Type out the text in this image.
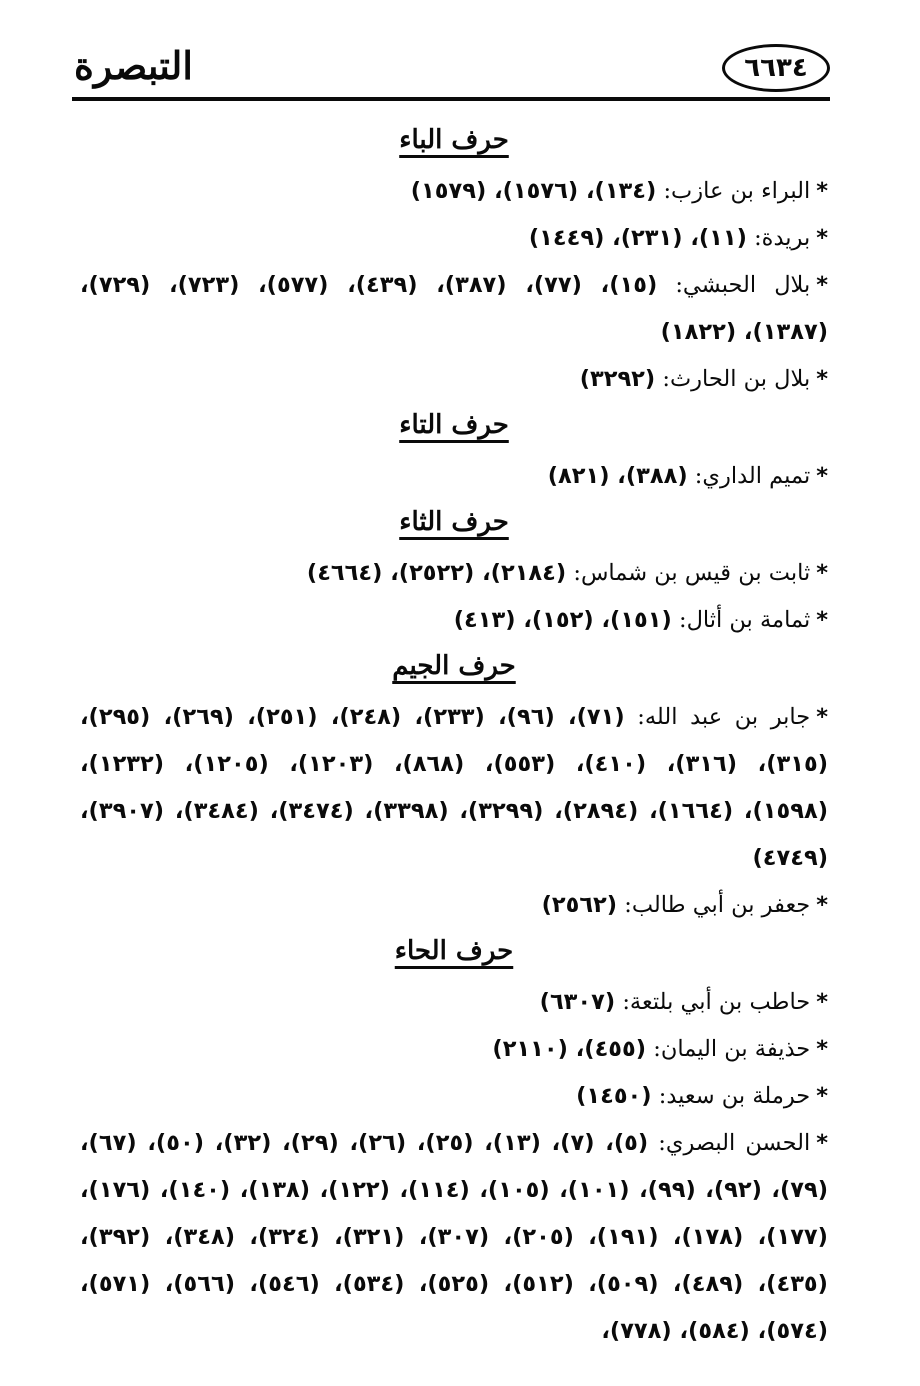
التبصرة	٦٦٣٤
حرف الباء

*البراء بن عازب: (١٣٤)، (١٥٧٦)، (١٥٧٩)

*بريدة: (١١)، (٢٣١)، (١٤٤٩)

*بلال الحبشي: (١٥)، (٧٧)، (٣٨٧)، (٤٣٩)، (٥٧٧)، (٧٢٣)، (٧٢٩)، (١٣٨٧)، (١٨٢٢)

*بلال بن الحارث: (٣٢٩٢)

حرف التاء

*تميم الداري: (٣٨٨)، (٨٢١)

حرف الثاء

*ثابت بن قيس بن شماس: (٢١٨٤)، (٢٥٢٢)، (٤٦٦٤)

*ثمامة بن أثال: (١٥١)، (١٥٢)، (٤١٣)

حرف الجيم

*جابر بن عبد الله: (٧١)، (٩٦)، (٢٣٣)، (٢٤٨)، (٢٥١)، (٢٦٩)، (٢٩٥)، (٣١٥)، (٣١٦)، (٤١٠)، (٥٥٣)، (٨٦٨)، (١٢٠٣)، (١٢٠٥)، (١٢٣٢)، (١٥٩٨)، (١٦٦٤)، (٢٨٩٤)، (٣٢٩٩)، (٣٣٩٨)، (٣٤٧٤)، (٣٤٨٤)، (٣٩٠٧)، (٤٧٤٩)

*جعفر بن أبي طالب: (٢٥٦٢)

حرف الحاء

*حاطب بن أبي بلتعة: (٦٣٠٧)

*حذيفة بن اليمان: (٤٥٥)، (٢١١٠)

*حرملة بن سعيد: (١٤٥٠)

*الحسن البصري: (٥)، (٧)، (١٣)، (٢٥)، (٢٦)، (٢٩)، (٣٢)، (٥٠)، (٦٧)، (٧٩)، (٩٢)، (٩٩)، (١٠١)، (١٠٥)، (١١٤)، (١٢٢)، (١٣٨)، (١٤٠)، (١٧٦)، (١٧٧)، (١٧٨)، (١٩١)، (٢٠٥)، (٣٠٧)، (٣٢١)، (٣٢٤)، (٣٤٨)، (٣٩٢)، (٤٣٥)، (٤٨٩)، (٥٠٩)، (٥١٢)، (٥٢٥)، (٥٣٤)، (٥٤٦)، (٥٦٦)، (٥٧١)، (٥٧٤)، (٥٨٤)، (٧٧٨)،
